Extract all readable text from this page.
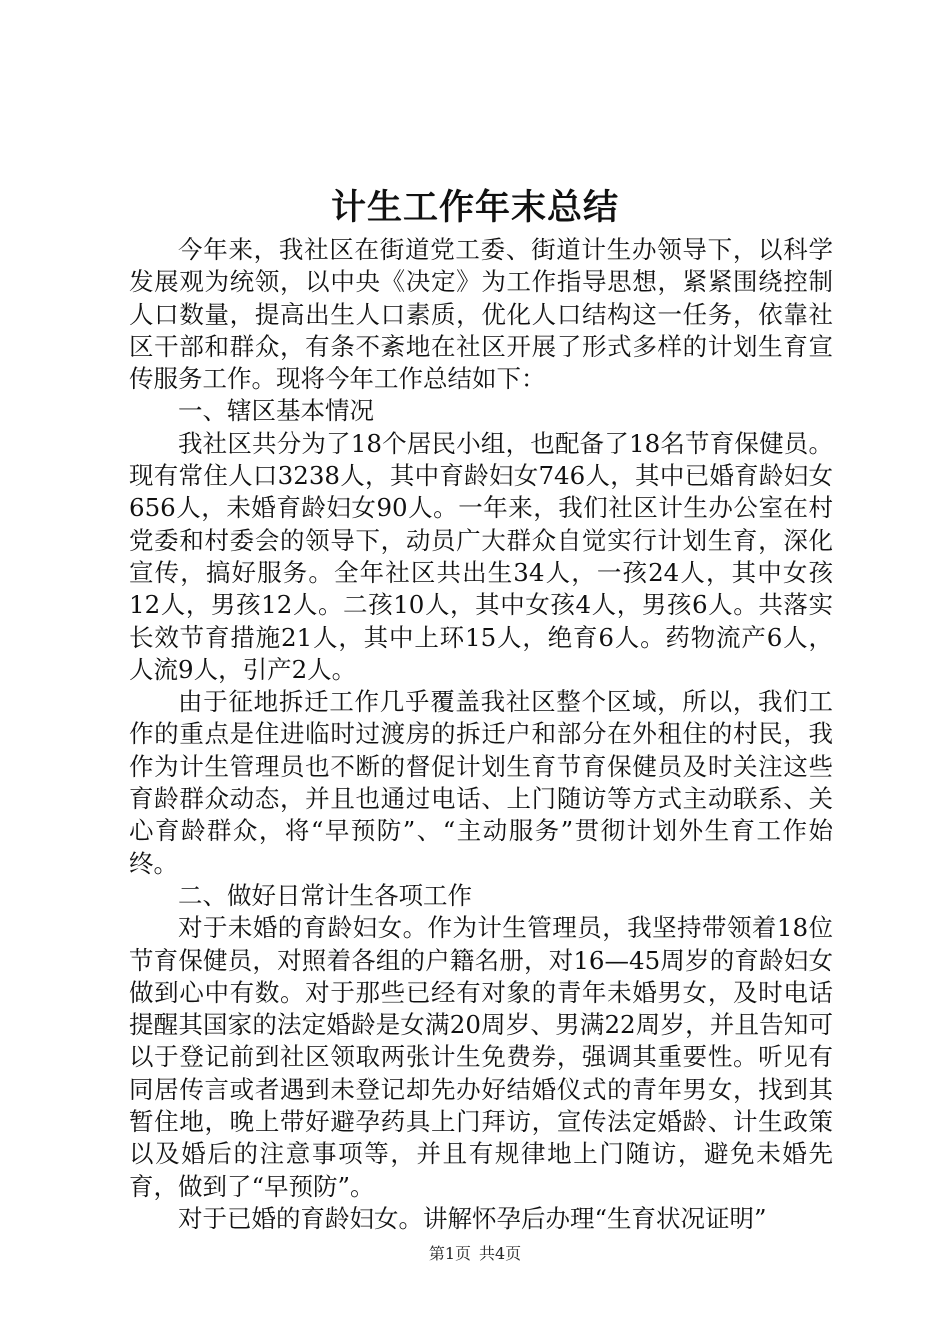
计生工作年末总结

今年来，我社区在街道党工委、街道计生办领导下，以科学发展观为统领，以中央《决定》为工作指导思想，紧紧围绕控制人口数量，提高出生人口素质，优化人口结构这一任务，依靠社区干部和群众，有条不紊地在社区开展了形式多样的计划生育宣传服务工作。现将今年工作总结如下：

一、辖区基本情况

我社区共分为了18个居民小组，也配备了18名节育保健员。现有常住人口3238人，其中育龄妇女746人，其中已婚育龄妇女656人，未婚育龄妇女90人。一年来，我们社区计生办公室在村党委和村委会的领导下，动员广大群众自觉实行计划生育，深化宣传，搞好服务。全年社区共出生34人，一孩24人，其中女孩12人，男孩12人。二孩10人，其中女孩4人，男孩6人。共落实长效节育措施21人，其中上环15人，绝育6人。药物流产6人，人流9人，引产2人。

由于征地拆迁工作几乎覆盖我社区整个区域，所以，我们工作的重点是住进临时过渡房的拆迁户和部分在外租住的村民，我作为计生管理员也不断的督促计划生育节育保健员及时关注这些育龄群众动态，并且也通过电话、上门随访等方式主动联系、关心育龄群众，将“早预防”、“主动服务”贯彻计划外生育工作始终。

二、做好日常计生各项工作

对于未婚的育龄妇女。作为计生管理员，我坚持带领着18位节育保健员，对照着各组的户籍名册，对16—45周岁的育龄妇女做到心中有数。对于那些已经有对象的青年未婚男女，及时电话提醒其国家的法定婚龄是女满20周岁、男满22周岁，并且告知可以于登记前到社区领取两张计生免费券，强调其重要性。听见有同居传言或者遇到未登记却先办好结婚仪式的青年男女，找到其暂住地，晚上带好避孕药具上门拜访，宣传法定婚龄、计生政策以及婚后的注意事项等，并且有规律地上门随访，避免未婚先育，做到了“早预防”。

对于已婚的育龄妇女。讲解怀孕后办理“生育状况证明”

第1页 共4页
